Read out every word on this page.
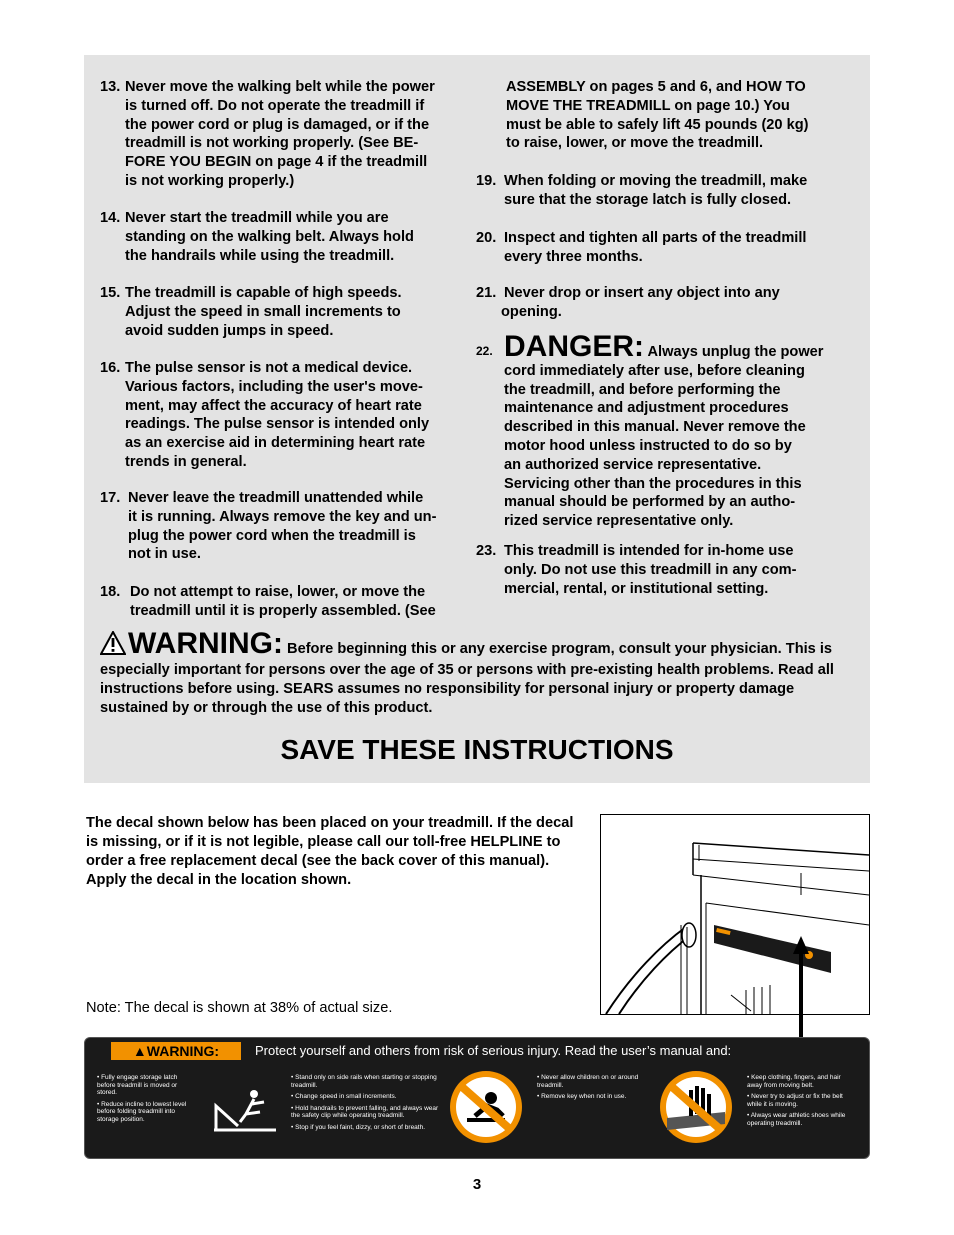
13. Never move the walking belt while the power
is turned off. Do not operate the treadmill if
the power cord or plug is damaged, or if the
treadmill is not working properly. (See BE-
FORE YOU BEGIN on page 4 if the treadmill
is not working properly.)
14. Never start the treadmill while you are
standing on the walking belt. Always hold
the handrails while using the treadmill.
15. The treadmill is capable of high speeds.
Adjust the speed in small increments to
avoid sudden jumps in speed.
16. The pulse sensor is not a medical device.
Various factors, including the user's move-
ment, may affect the accuracy of heart rate
readings. The pulse sensor is intended only
as an exercise aid in determining heart rate
trends in general.
17. Never leave the treadmill unattended while
it is running. Always remove the key and un-
plug the power cord when the treadmill is
not in use.
18. Do not attempt to raise, lower, or move the
treadmill until it is properly assembled. (See
ASSEMBLY on pages 5 and 6, and HOW TO
MOVE THE TREADMILL on page 10.) You
must be able to safely lift 45 pounds (20 kg)
to raise, lower, or move the treadmill.
19. When folding or moving the treadmill, make
sure that the storage latch is fully closed.
20. Inspect and tighten all parts of the treadmill
every three months.
21. Never drop or insert any object into any
opening.
22. DANGER: Always unplug the power
cord immediately after use, before cleaning
the treadmill, and before performing the
maintenance and adjustment procedures
described in this manual. Never remove the
motor hood unless instructed to do so by
an authorized service representative.
Servicing other than the procedures in this
manual should be performed by an autho-
rized service representative only.
23. This treadmill is intended for in-home use
only. Do not use this treadmill in any com-
mercial, rental, or institutional setting.
WARNING: Before beginning this or any exercise program, consult your physician. This is especially important for persons over the age of 35 or persons with pre-existing health problems. Read all instructions before using. SEARS assumes no responsibility for personal injury or property damage sustained by or through the use of this product.
SAVE THESE INSTRUCTIONS
The decal shown below has been placed on your treadmill. If the decal is missing, or if it is not legible, please call our toll-free HELPLINE to order a free replacement decal (see the back cover of this manual). Apply the decal in the location shown.
Note: The decal is shown at 38% of actual size.
▲WARNING:	Protect yourself and others from risk of serious injury. Read the user’s manual and:
• Fully engage storage latch before treadmill is moved or stored.
• Reduce incline to lowest level before folding treadmill into storage position.
• Stand only on side rails when starting or stopping treadmill.
• Change speed in small increments.
• Hold handrails to prevent falling, and always wear the safety clip while operating treadmill.
• Stop if you feel faint, dizzy, or short of breath.
• Never allow children on or around treadmill.
• Remove key when not in use.
• Keep clothing, fingers, and hair away from moving belt.
• Never try to adjust or fix the belt while it is moving.
• Always wear athletic shoes while operating treadmill.
3
